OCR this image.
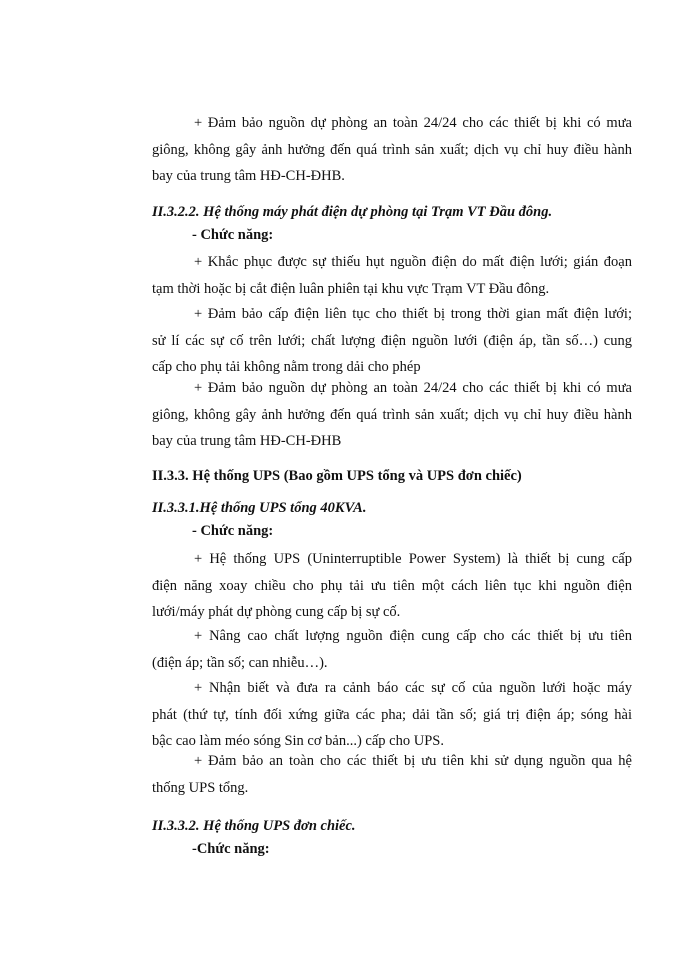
+ Đảm bảo nguồn dự phòng an toàn 24/24 cho các thiết bị khi có mưa
giông, không gây ảnh hưởng đến quá trình sản xuất; dịch vụ chỉ huy điều hành
bay của trung tâm HĐ-CH-ĐHB.

II.3.2.2. Hệ thống máy phát điện dự phòng tại Trạm VT Đầu đông.

- Chức năng:

+ Khắc phục được sự thiếu hụt nguồn điện do mất điện lưới; gián đoạn
tạm thời hoặc bị cắt điện luân phiên tại khu vực Trạm VT Đầu đông.
+ Đảm bảo cấp điện liên tục cho thiết bị trong thời gian mất điện lưới;
sử lí các sự cố trên lưới; chất lượng điện nguồn lưới (điện áp, tần số…) cung
cấp cho phụ tải không nằm trong dải cho phép
+ Đảm bảo nguồn dự phòng an toàn 24/24 cho các thiết bị khi có mưa
giông, không gây ảnh hưởng đến quá trình sản xuất; dịch vụ chỉ huy điều hành
bay của trung tâm HĐ-CH-ĐHB

II.3.3. Hệ thống UPS (Bao gồm UPS tổng và UPS đơn chiếc)

II.3.3.1.Hệ thống UPS tổng 40KVA.

- Chức năng:

+ Hệ thống UPS (Uninterruptible Power System) là thiết bị cung cấp
điện năng xoay chiều cho phụ tải ưu tiên một cách liên tục khi nguồn điện
lưới/máy phát dự phòng cung cấp bị sự cố.
+ Nâng cao chất lượng nguồn điện cung cấp cho các thiết bị ưu tiên
(điện áp; tần số; can nhiễu…).
+ Nhận biết và đưa ra cảnh báo các sự cố của nguồn lưới hoặc máy
phát (thứ tự, tính đối xứng giữa các pha; dải tần số; giá trị điện áp; sóng hài
bậc cao làm méo sóng Sin cơ bản...) cấp cho UPS.
+ Đảm bảo an toàn cho các thiết bị ưu tiên khi sử dụng nguồn qua hệ
thống UPS tổng.

II.3.3.2. Hệ thống UPS đơn chiếc.

-Chức năng:
